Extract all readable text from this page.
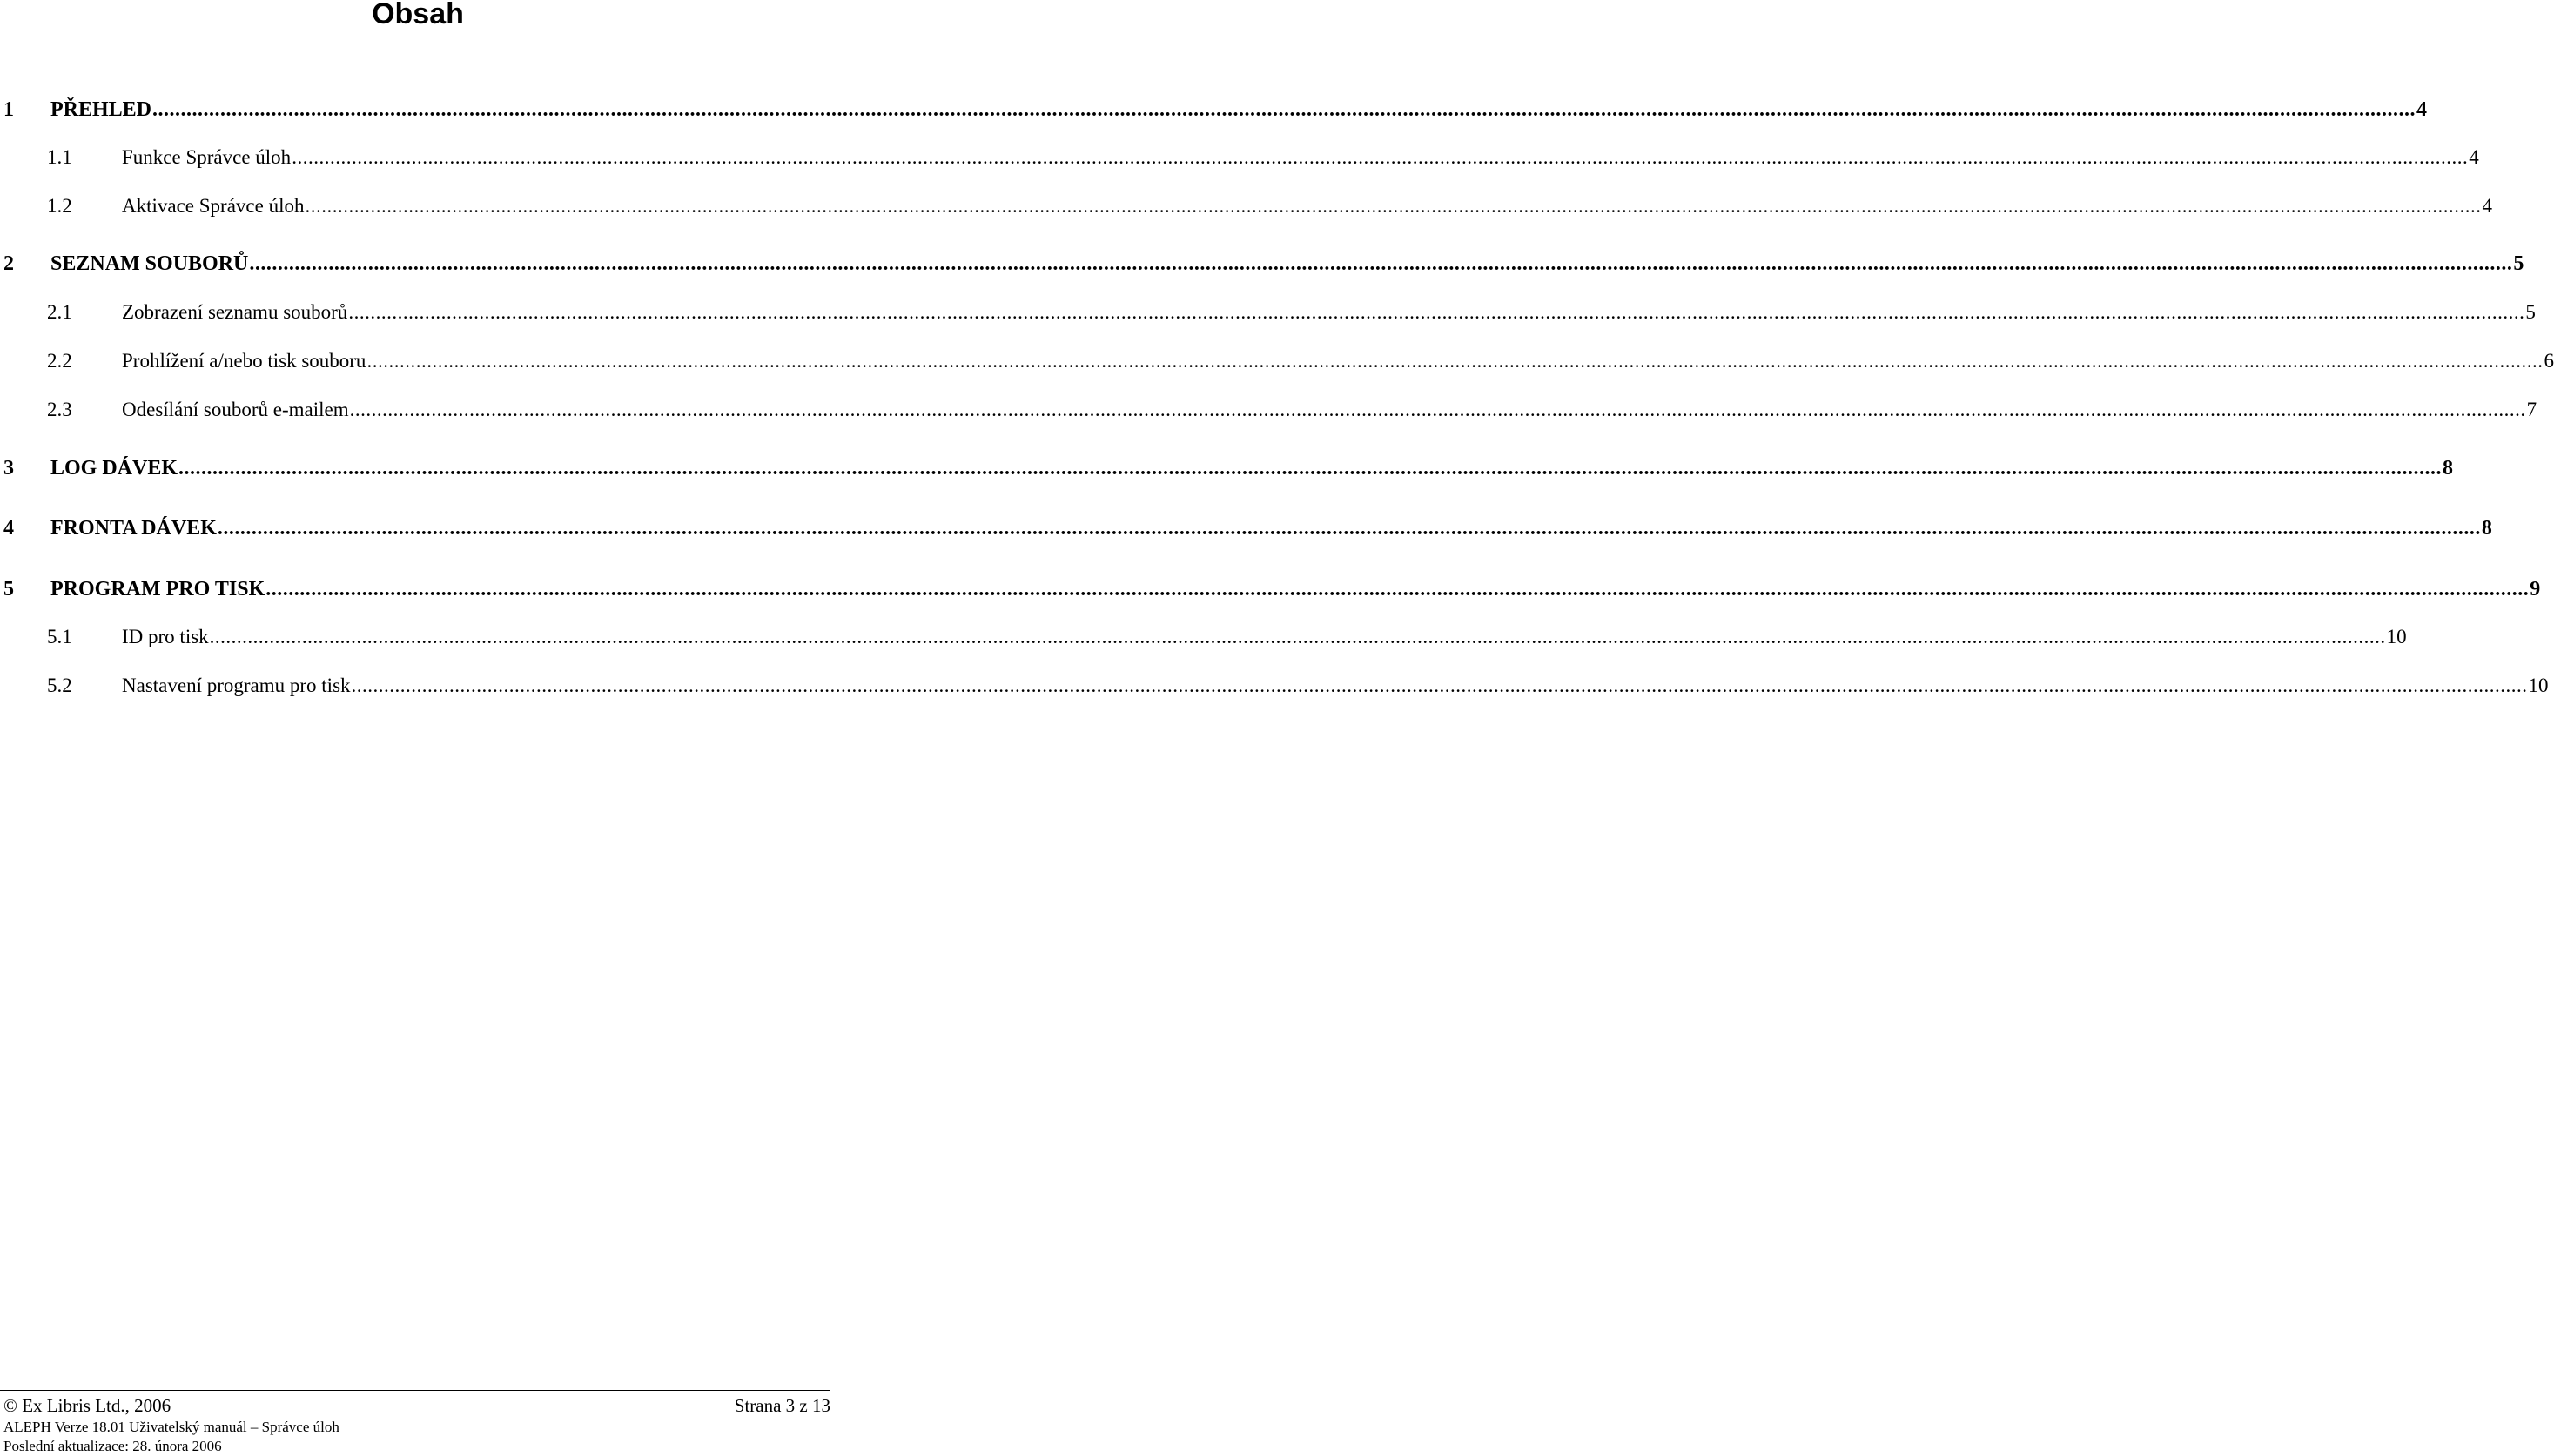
Obsah
1	PŘEHLED ................................................................................................................................................................................................................................................................................................................................................................................................................ 4
1.1	Funkce Správce úloh ................................................................................................................................................................................................................................................................................................................................................................................................................ 4
1.2	Aktivace Správce úloh ................................................................................................................................................................................................................................................................................................................................................................................................................ 4
2	SEZNAM SOUBORŮ ................................................................................................................................................................................................................................................................................................................................................................................................................ 5
2.1	Zobrazení seznamu souborů ................................................................................................................................................................................................................................................................................................................................................................................................................ 5
2.2	Prohlížení a/nebo tisk souboru ................................................................................................................................................................................................................................................................................................................................................................................................................ 6
2.3	Odesílání souborů e-mailem ................................................................................................................................................................................................................................................................................................................................................................................................................ 7
3	LOG DÁVEK ................................................................................................................................................................................................................................................................................................................................................................................................................ 8
4	FRONTA DÁVEK ................................................................................................................................................................................................................................................................................................................................................................................................................ 8
5	PROGRAM PRO TISK ................................................................................................................................................................................................................................................................................................................................................................................................................ 9
5.1	ID pro tisk ................................................................................................................................................................................................................................................................................................................................................................................................................ 10
5.2	Nastavení programu pro tisk ................................................................................................................................................................................................................................................................................................................................................................................................................ 10
© Ex Libris Ltd., 2006	Strana 3 z 13
ALEPH Verze 18.01 Uživatelský manuál – Správce úloh
Poslední aktualizace: 28. února 2006
